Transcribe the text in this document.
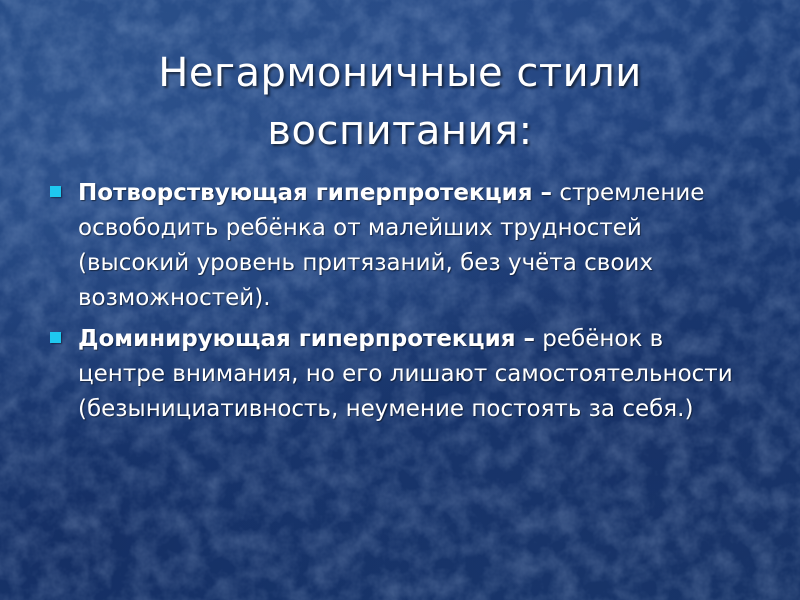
Негармоничные стили
воспитания:
Потворствующая гиперпротекция – стремление освободить ребёнка от малейших трудностей (высокий уровень притязаний, без учёта своих возможностей).
Доминирующая гиперпротекция – ребёнок в центре внимания, но его лишают самостоятельности (безынициативность, неумение постоять за себя.)
